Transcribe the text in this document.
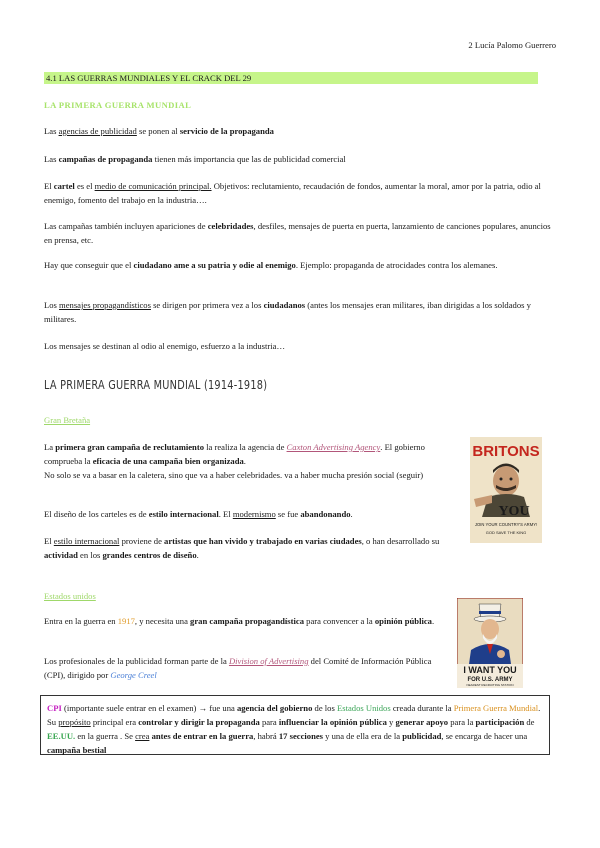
2 Lucía Palomo Guerrero
4.1 LAS GUERRAS MUNDIALES Y EL CRACK DEL 29

LA PRIMERA GUERRA MUNDIAL

Las agencias de publicidad se ponen al servicio de la propaganda

Las campañas de propaganda tienen más importancia que las de publicidad comercial

El cartel es el medio de comunicación principal. Objetivos: reclutamiento, recaudación de fondos, aumentar la moral, amor por la patria, odio al enemigo, fomento del trabajo en la industria….

Las campañas también incluyen apariciones de celebridades, desfiles, mensajes de puerta en puerta, lanzamiento de canciones populares, anuncios en prensa, etc.

Hay que conseguir que el ciudadano ame a su patria y odie al enemigo. Ejemplo: propaganda de atrocidades contra los alemanes.

Los mensajes propagandísticos se dirigen por primera vez a los ciudadanos (antes los mensajes eran militares, iban dirigidas a los soldados y militares.

Los mensajes se destinan al odio al enemigo, esfuerzo a la industria…

LA PRIMERA GUERRA MUNDIAL (1914-1918)

Gran Bretaña

La primera gran campaña de reclutamiento la realiza la agencia de Caxton Advertising Agency. El gobierno comprueba la eficacia de una campaña bien organizada.
No solo se va a basar en la caletera, sino que va a haber celebridades. va a haber mucha presión social (seguir)

El diseño de los carteles es de estilo internacional. El modernismo se fue abandonando.

El estilo internacional proviene de artistas que han vivido y trabajado en varias ciudades, o han desarrollado su actividad en los grandes centros de diseño.

BRITONS
YOU
JOIN YOUR COUNTRY'S ARMY!
GOD SAVE THE KING

Estados unidos

Entra en la guerra en 1917, y necesita una gran campaña propagandística para convencer a la opinión pública.

Los profesionales de la publicidad forman parte de la Division of Advertising del Comité de Información Pública (CPI), dirigido por George Creel	I WANT YOU
FOR U.S. ARMY
NEAREST RECRUITING STATION
CPI (importante suele entrar en el examen) → fue una agencia del gobierno de los Estados Unidos creada durante la Primera Guerra Mundial. Su propósito principal era controlar y dirigir la propaganda para influenciar la opinión pública y generar apoyo para la participación de EE.UU. en la guerra . Se crea antes de entrar en la guerra, habrá 17 secciones y una de ella era de la publicidad, se encarga de hacer una campaña bestial
